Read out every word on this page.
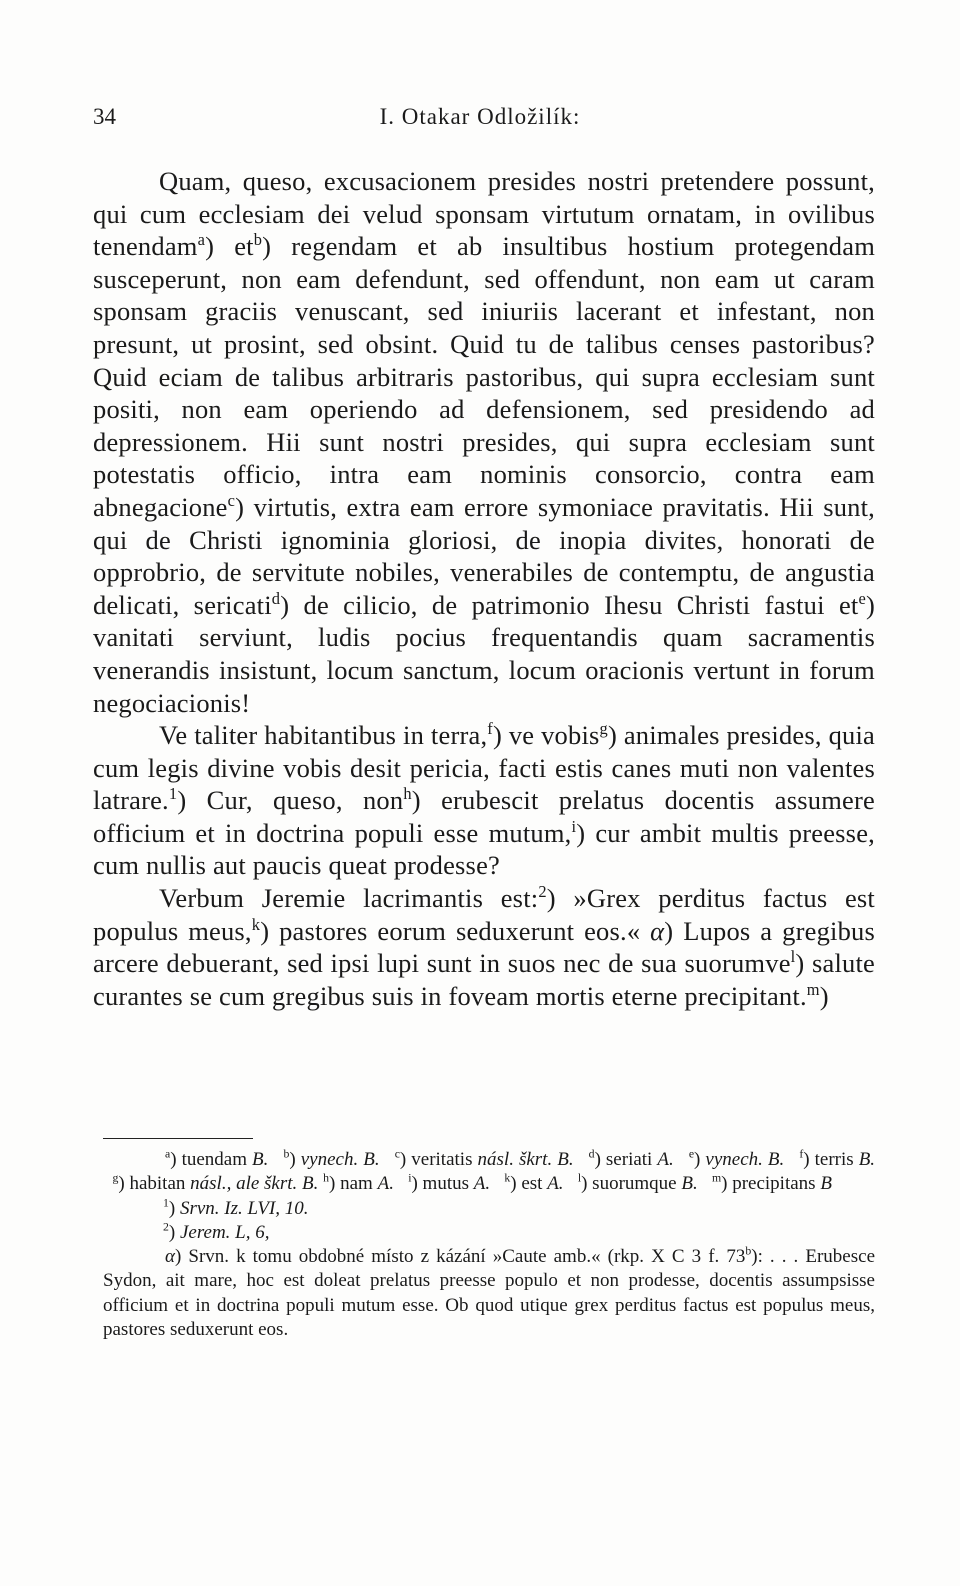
34	I. Otakar Odložilík:

Quam, queso, excusacionem presides nostri pretendere possunt, qui cum ecclesiam dei velud sponsam virtutum ornatam, in ovilibus tenendam$^a$) $et^b$) regendam et ab insultibus hostium protegendam susceperunt, non eam defendunt, sed offendunt, non eam ut caram sponsam graciis venuscant, sed iniuriis lacerant et infestant, non presunt, ut prosint, sed obsint. Quid tu de talibus censes pastoribus? Quid eciam de talibus arbitraris pastoribus, qui supra ecclesiam sunt positi, non eam operiendo ad defensionem, sed presidendo ad depressionem. Hii sunt nostri presides, qui supra ecclesiam sunt potestatis officio, intra eam nominis consorcio, contra eam abnegacione$^c$) virtutis, extra eam errore symoniace pravitatis. Hii sunt, qui de Christi ignominia gloriosi, de inopia divites, honorati de opprobrio, de servitute nobiles, venerabiles de contemptu, de angustia delicati, sericati$^d$) de cilicio, de patrimonio Ihesu Christi fastui $et^e$) vanitati serviunt, ludis pocius frequentandis quam sacramentis venerandis insistunt, locum sanctum, locum oracionis vertunt in forum negociacionis!

Ve taliter habitantibus in terra,$^f$) ve vobis$^g$) animales presides, quia cum legis divine vobis desit pericia, facti estis canes muti non valentes latrare.$^1$) Cur, queso, non$^h$) erubescit prelatus docentis assumere officium et in doctrina populi esse mutum,$^i$) cur ambit multis preesse, cum nullis aut paucis queat prodesse?

Verbum Jeremie lacrimantis est:$^2$) »Grex perditus factus est populus meus,$^k$) pastores eorum seduxerunt eos.« α) Lupos a gregibus arcere debuerant, sed ipsi lupi sunt in suos nec de sua suorumve$^l$) salute curantes se cum gregibus suis in foveam mortis eterne precipitant.$^m$)

$^a$) tuendam B. $^b$) vynech. B. $^c$) veritatis násl. škrt. B. $^d$) seriati A. $^e$) vynech. B. $^f$) terris B.   $^g$) habitan násl., ale škrt. B. $^h$) nam A. $^i$) mutus A. $^k$) est A. $^l$) suorumque B. $^m$) precipitans B

$^1$) Srvn. Iz. LVI, 10.

$^2$) Jerem. L, 6,

α) Srvn. k tomu obdobné místo z kázání »Caute amb.« (rkp. X C 3 f. 73$^b$): . . . Erubesce Sydon, ait mare, hoc est doleat prelatus preesse populo et non prodesse, docentis assumpsisse officium et in doctrina populi mutum esse. Ob quod utique grex perditus factus est populus meus, pastores seduxerunt eos.
